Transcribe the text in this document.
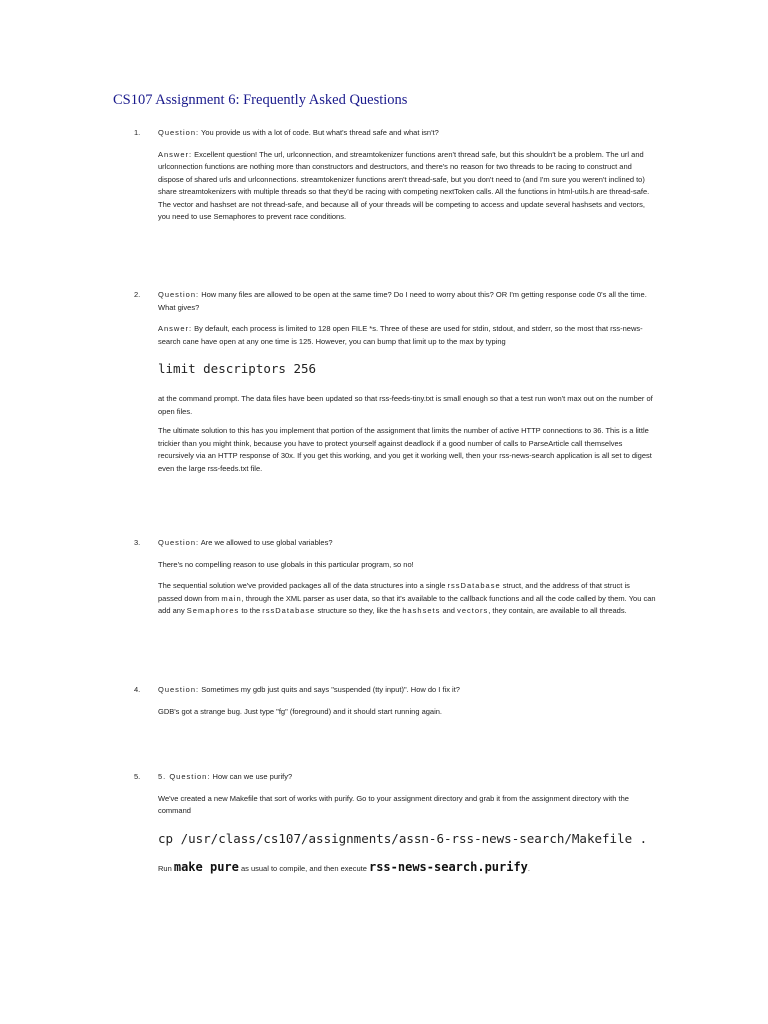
CS107 Assignment 6: Frequently Asked Questions
1. Question: You provide us with a lot of code. But what's thread safe and what isn't?

Answer: Excellent question! The url, urlconnection, and streamtokenizer functions aren't thread safe, but this shouldn't be a problem. The url and urlconnection functions are nothing more than constructors and destructors, and there's no reason for two threads to be racing to construct and dispose of shared urls and urlconnections. streamtokenizer functions aren't thread-safe, but you don't need to (and I'm sure you weren't inclined to) share streamtokenizers with multiple threads so that they'd be racing with competing nextToken calls. All the functions in html-utils.h are thread-safe. The vector and hashset are not thread-safe, and because all of your threads will be competing to access and update several hashsets and vectors, you need to use Semaphores to prevent race conditions.

2. Question: How many files are allowed to be open at the same time? Do I need to worry about this? OR I'm getting response code 0's all the time. What gives?

Answer: By default, each process is limited to 128 open FILE *s. Three of these are used for stdin, stdout, and stderr, so the most that rss-news-search cane have open at any one time is 125. However, you can bump that limit up to the max by typing

limit descriptors 256

at the command prompt. The data files have been updated so that rss-feeds-tiny.txt is small enough so that a test run won't max out on the number of open files.

The ultimate solution to this has you implement that portion of the assignment that limits the number of active HTTP connections to 36. This is a little trickier than you might think, because you have to protect yourself against deadlock if a good number of calls to ParseArticle call themselves recursively via an HTTP response of 30x. If you get this working, and you get it working well, then your rss-news-search application is all set to digest even the large rss-feeds.txt file.

3. Question: Are we allowed to use global variables?

There's no compelling reason to use globals in this particular program, so no!

The sequential solution we've provided packages all of the data structures into a single rssDatabase struct, and the address of that struct is passed down from main, through the XML parser as user data, so that it's available to the callback functions and all the code called by them. You can add any Semaphores to the rssDatabase structure so they, like the hashsets and vectors, they contain, are available to all threads.

4. Question: Sometimes my gdb just quits and says "suspended (tty input)". How do I fix it?

GDB's got a strange bug. Just type "fg" (foreground) and it should start running again.

5. 5. Question: How can we use purify?

We've created a new Makefile that sort of works with purify. Go to your assignment directory and grab it from the assignment directory with the command

cp /usr/class/cs107/assignments/assn-6-rss-news-search/Makefile .

Run make pure as usual to compile, and then execute rss-news-search.purify.
